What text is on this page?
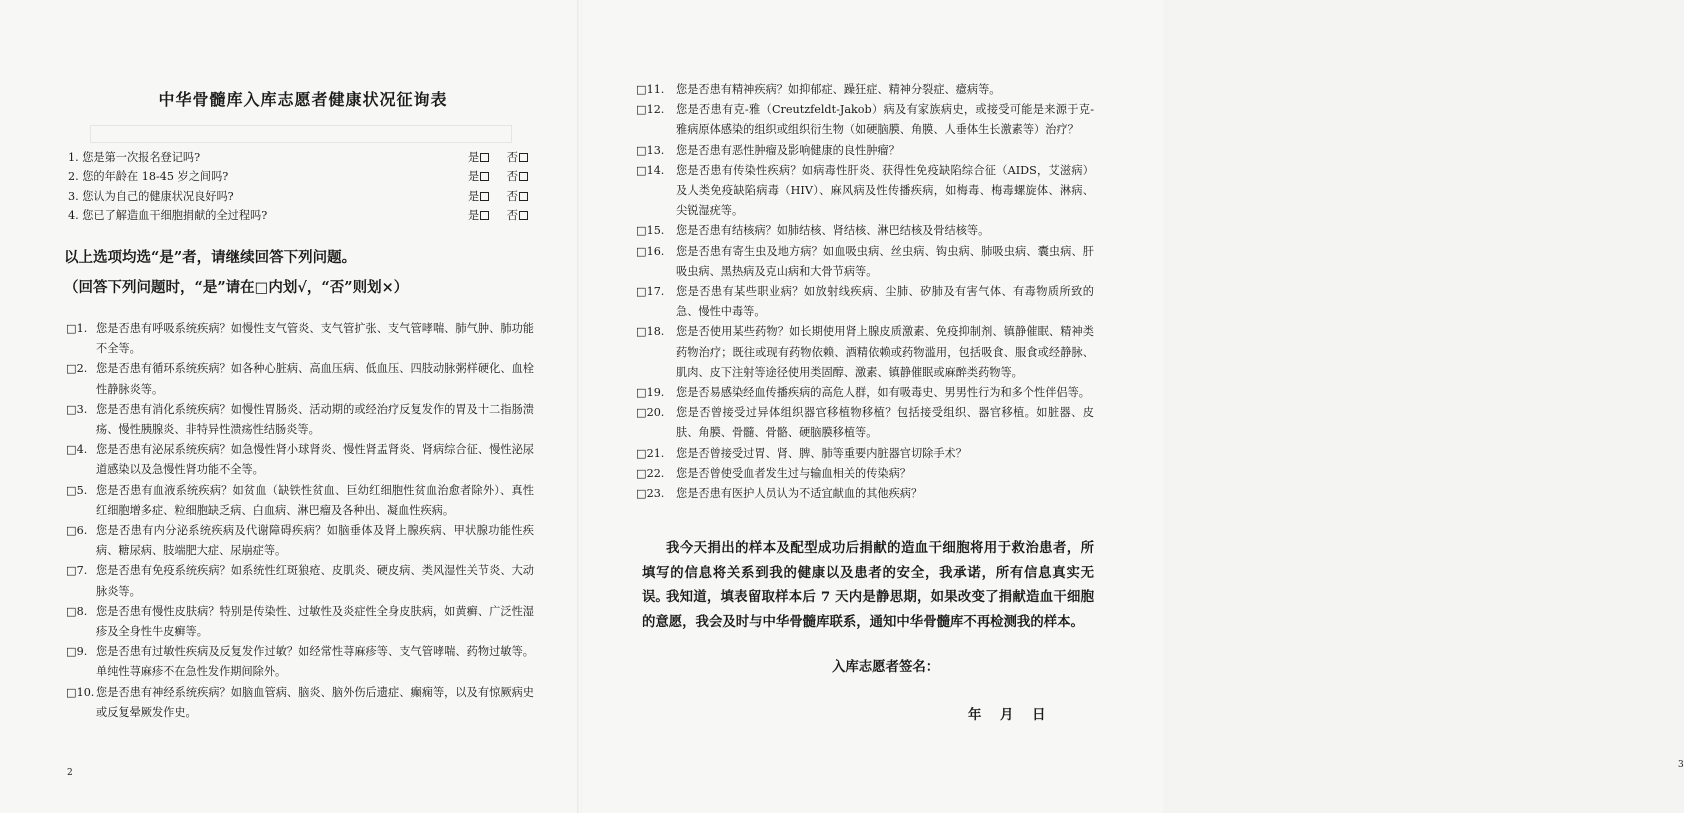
中华骨髓库入库志愿者健康状况征询表
1. 您是第一次报名登记吗?	是	否
2. 您的年龄在 18-45 岁之间吗?	是	否
3. 您认为自己的健康状况良好吗?	是	否
4. 您已了解造血干细胞捐献的全过程吗?	是	否
以上选项均选“是”者，请继续回答下列问题。
（回答下列问题时，“是”请在□内划√，“否”则划×）
□1. 您是否患有呼吸系统疾病？如慢性支气管炎、支气管扩张、支气管哮喘、肺气肿、肺功能不全等。
□2. 您是否患有循环系统疾病？如各种心脏病、高血压病、低血压、四肢动脉粥样硬化、血栓性静脉炎等。
□3. 您是否患有消化系统疾病？如慢性胃肠炎、活动期的或经治疗反复发作的胃及十二指肠溃疡、慢性胰腺炎、非特异性溃疡性结肠炎等。
□4. 您是否患有泌尿系统疾病？如急慢性肾小球肾炎、慢性肾盂肾炎、肾病综合征、慢性泌尿道感染以及急慢性肾功能不全等。
□5. 您是否患有血液系统疾病？如贫血（缺铁性贫血、巨幼红细胞性贫血治愈者除外）、真性红细胞增多症、粒细胞缺乏病、白血病、淋巴瘤及各种出、凝血性疾病。
□6. 您是否患有内分泌系统疾病及代谢障碍疾病？如脑垂体及肾上腺疾病、甲状腺功能性疾病、糖尿病、肢端肥大症、尿崩症等。
□7. 您是否患有免疫系统疾病？如系统性红斑狼疮、皮肌炎、硬皮病、类风湿性关节炎、大动脉炎等。
□8. 您是否患有慢性皮肤病？特别是传染性、过敏性及炎症性全身皮肤病，如黄癣、广泛性湿疹及全身性牛皮癣等。
□9. 您是否患有过敏性疾病及反复发作过敏？如经常性荨麻疹等、支气管哮喘、药物过敏等。单纯性荨麻疹不在急性发作期间除外。
□10. 您是否患有神经系统疾病？如脑血管病、脑炎、脑外伤后遗症、癫痫等，以及有惊厥病史或反复晕厥发作史。
2
3
□11.	您是否患有精神疾病？如抑郁症、躁狂症、精神分裂症、癔病等。
□12.	您是否患有克-雅（Creutzfeldt-Jakob）病及有家族病史，或接受可能是来源于克-雅病原体感染的组织或组织衍生物（如硬脑膜、角膜、人垂体生长激素等）治疗？
□13.	您是否患有恶性肿瘤及影响健康的良性肿瘤？
□14.	您是否患有传染性疾病？如病毒性肝炎、获得性免疫缺陷综合征（AIDS，艾滋病）及人类免疫缺陷病毒（HIV）、麻风病及性传播疾病，如梅毒、梅毒螺旋体、淋病、尖锐湿疣等。
□15.	您是否患有结核病？如肺结核、肾结核、淋巴结核及骨结核等。
□16.	您是否患有寄生虫及地方病？如血吸虫病、丝虫病、钩虫病、肺吸虫病、囊虫病、肝吸虫病、黑热病及克山病和大骨节病等。
□17.	您是否患有某些职业病？如放射线疾病、尘肺、矽肺及有害气体、有毒物质所致的急、慢性中毒等。
□18.	您是否使用某些药物？如长期使用肾上腺皮质激素、免疫抑制剂、镇静催眠、精神类药物治疗；既往或现有药物依赖、酒精依赖或药物滥用，包括吸食、服食或经静脉、肌肉、皮下注射等途径使用类固醇、激素、镇静催眠或麻醉类药物等。
□19.	您是否易感染经血传播疾病的高危人群，如有吸毒史、男男性行为和多个性伴侣等。
□20.	您是否曾接受过异体组织器官移植物移植？包括接受组织、器官移植。如脏器、皮肤、角膜、骨髓、骨骼、硬脑膜移植等。
□21.	您是否曾接受过胃、肾、脾、肺等重要内脏器官切除手术？
□22.	您是否曾使受血者发生过与输血相关的传染病？
□23.	您是否患有医护人员认为不适宜献血的其他疾病？
我今天捐出的样本及配型成功后捐献的造血干细胞将用于救治患者，所填写的信息将关系到我的健康以及患者的安全，我承诺，所有信息真实无误。
我知道，填表留取样本后 7 天内是静思期，如果改变了捐献造血干细胞的意愿，我会及时与中华骨髓库联系，通知中华骨髓库不再检测我的样本。
入库志愿者签名：
年 月 日
